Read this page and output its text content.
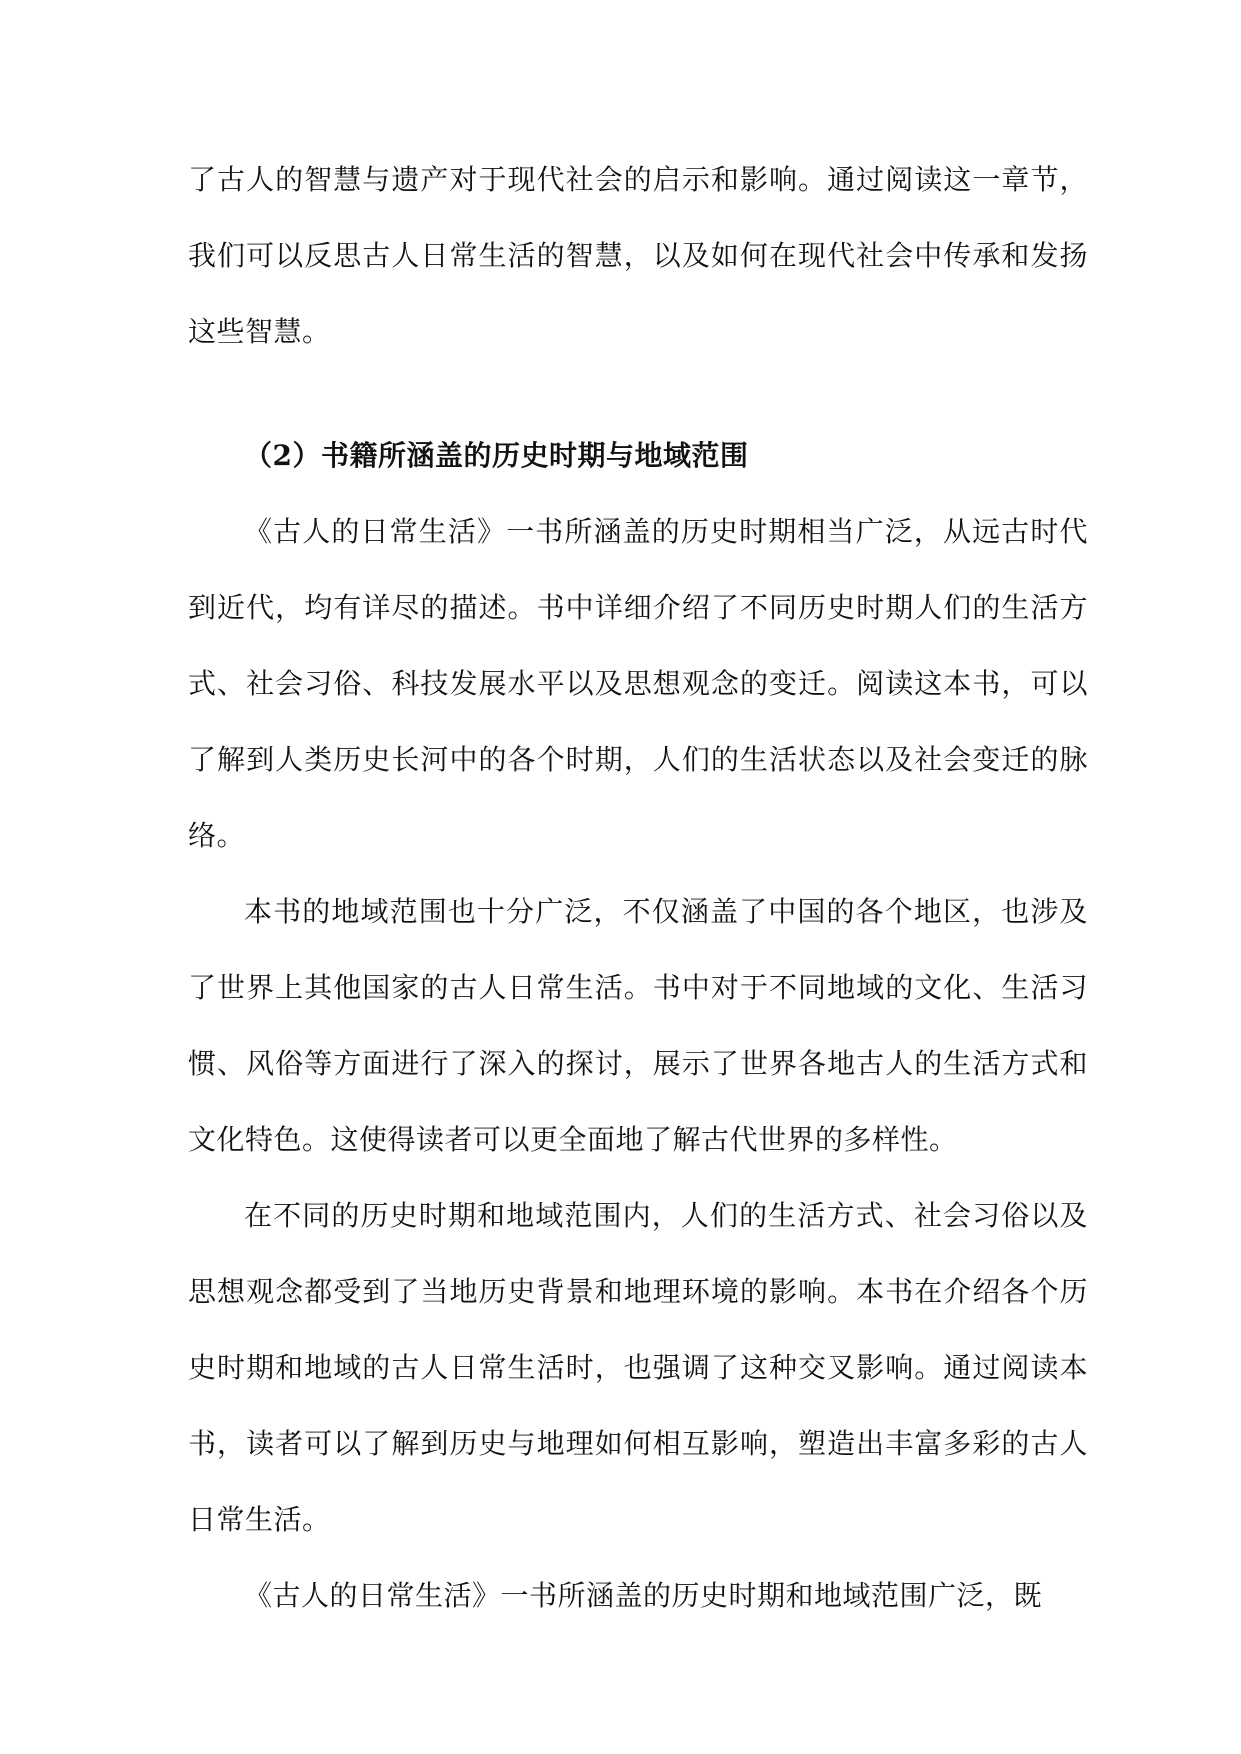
了古人的智慧与遗产对于现代社会的启示和影响。通过阅读这一章节，我们可以反思古人日常生活的智慧，以及如何在现代社会中传承和发扬这些智慧。

（2）书籍所涵盖的历史时期与地域范围

《古人的日常生活》一书所涵盖的历史时期相当广泛，从远古时代到近代，均有详尽的描述。书中详细介绍了不同历史时期人们的生活方式、社会习俗、科技发展水平以及思想观念的变迁。阅读这本书，可以了解到人类历史长河中的各个时期，人们的生活状态以及社会变迁的脉络。

本书的地域范围也十分广泛，不仅涵盖了中国的各个地区，也涉及了世界上其他国家的古人日常生活。书中对于不同地域的文化、生活习惯、风俗等方面进行了深入的探讨，展示了世界各地古人的生活方式和文化特色。这使得读者可以更全面地了解古代世界的多样性。

在不同的历史时期和地域范围内，人们的生活方式、社会习俗以及思想观念都受到了当地历史背景和地理环境的影响。本书在介绍各个历史时期和地域的古人日常生活时，也强调了这种交叉影响。通过阅读本书，读者可以了解到历史与地理如何相互影响，塑造出丰富多彩的古人日常生活。

《古人的日常生活》一书所涵盖的历史时期和地域范围广泛，既
